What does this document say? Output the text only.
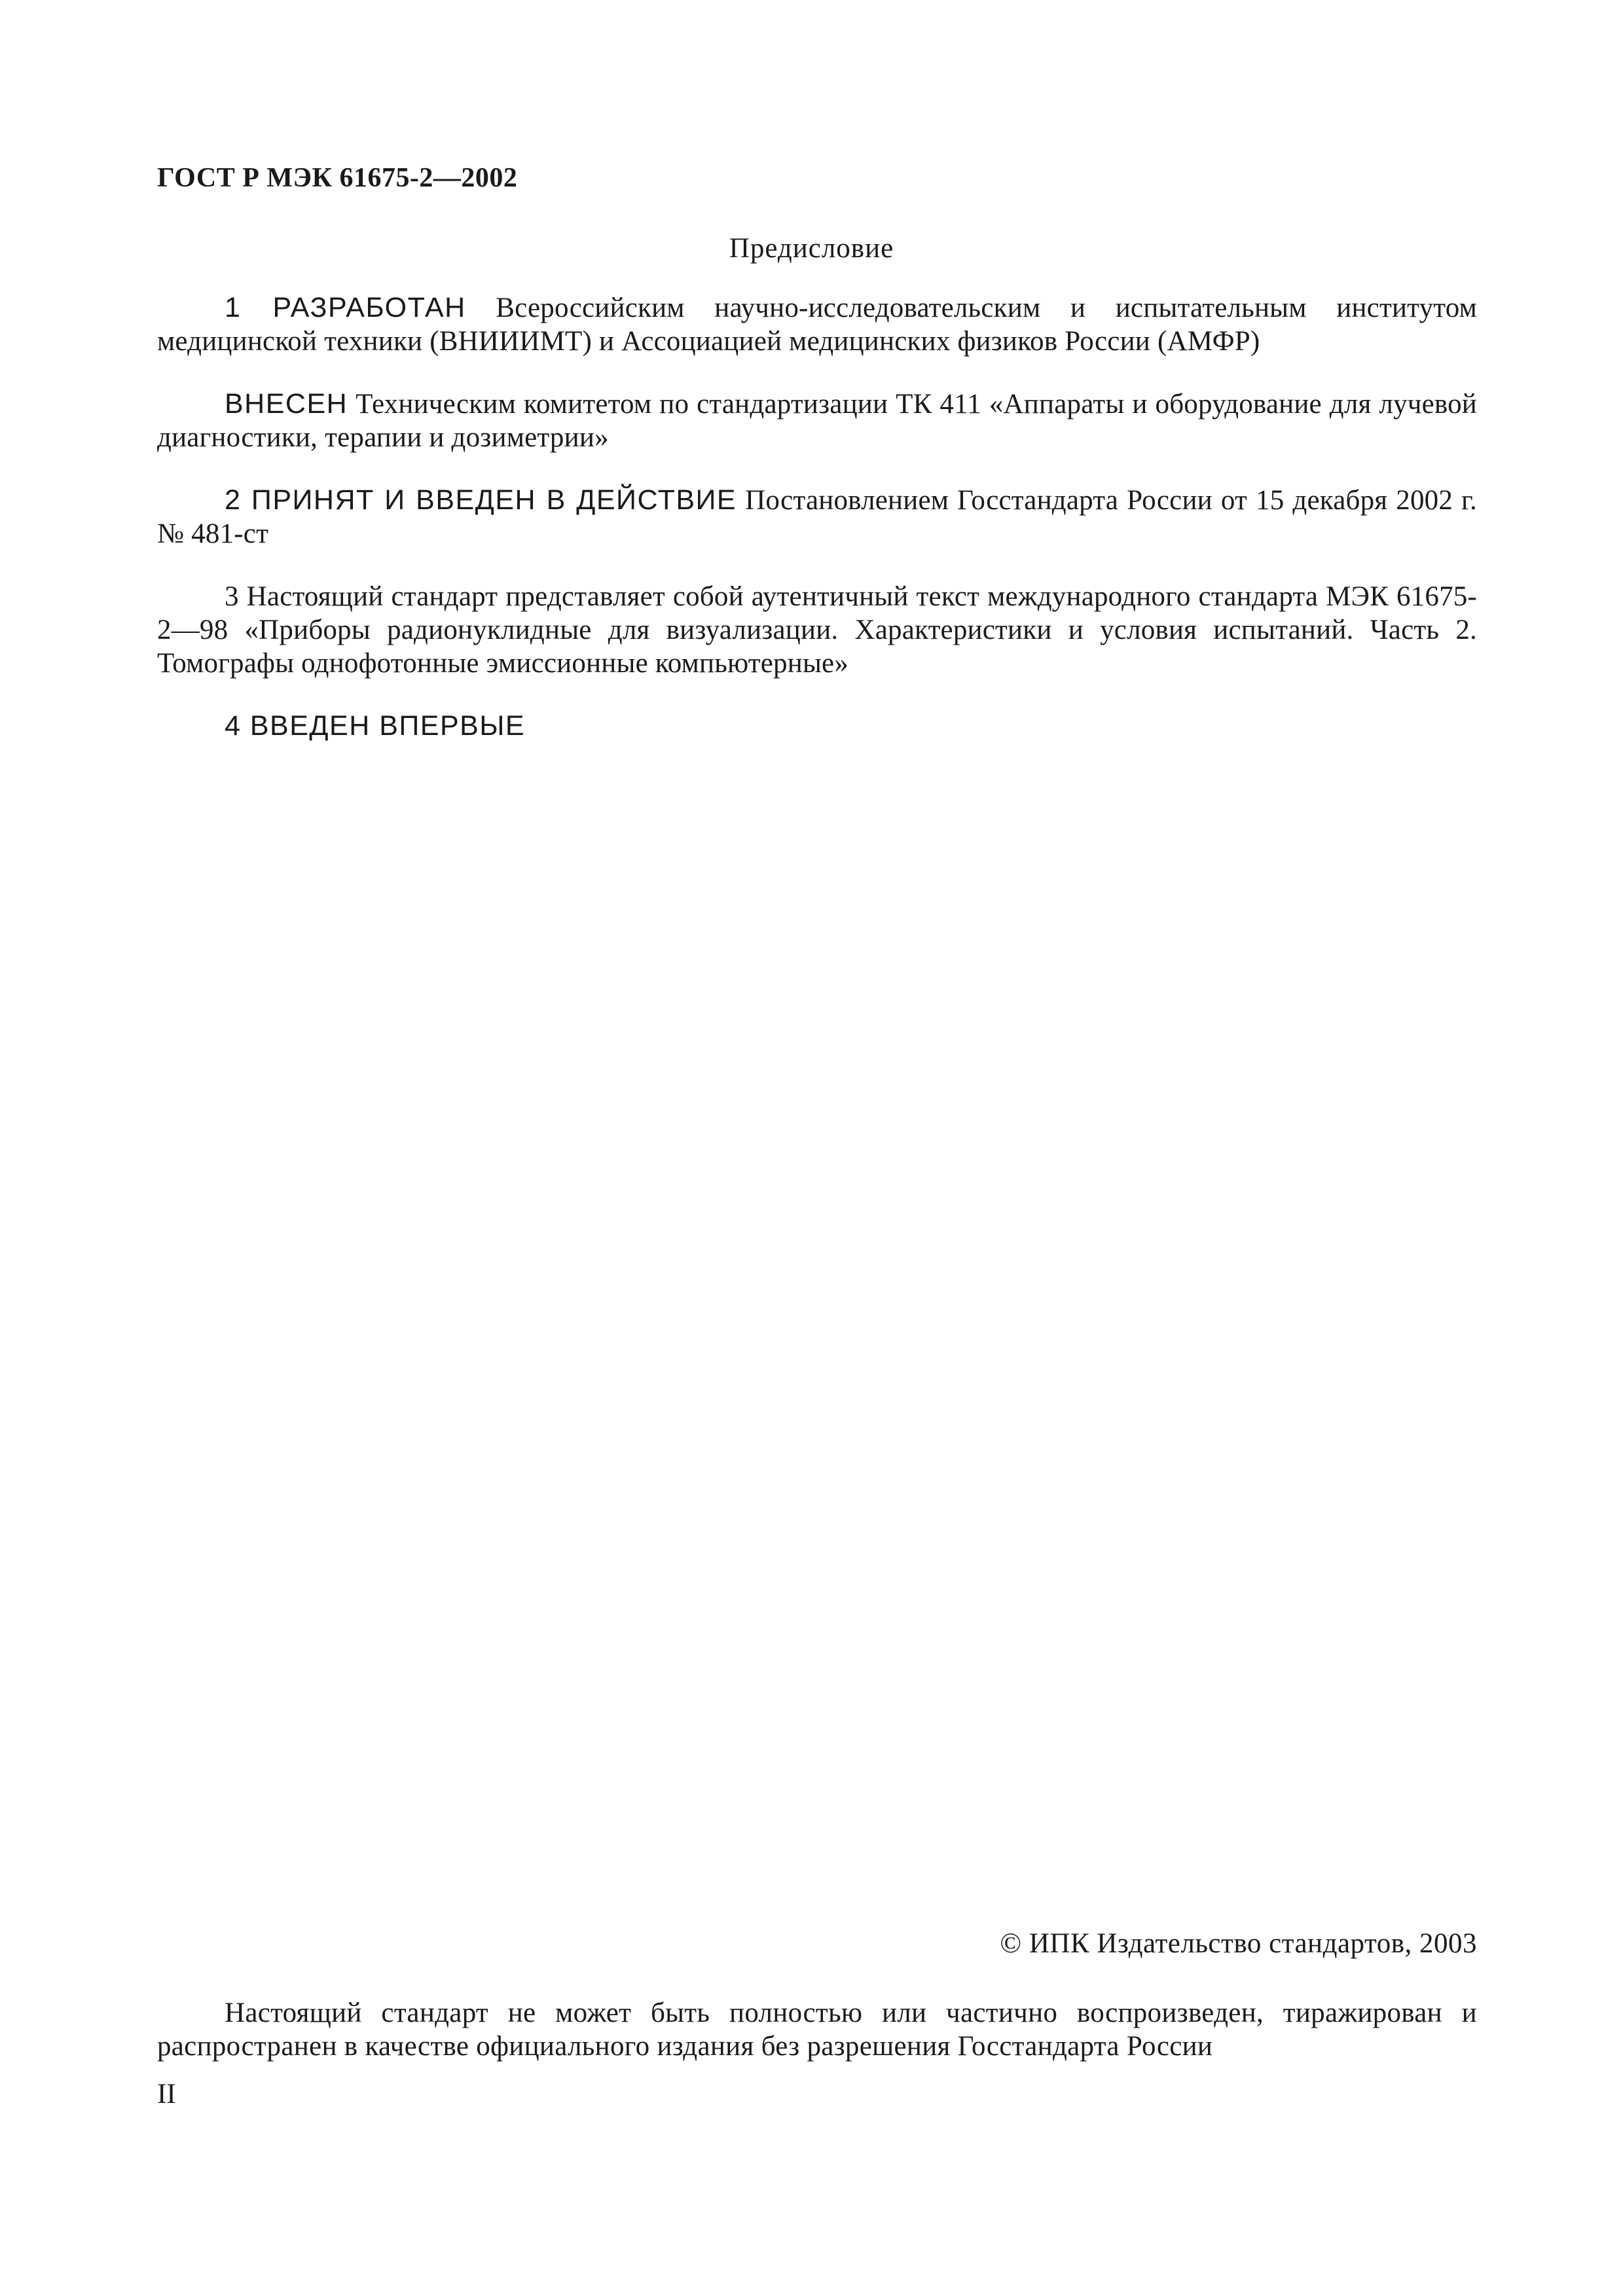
ГОСТ Р МЭК 61675-2—2002
Предисловие

1 РАЗРАБОТАН Всероссийским научно-исследовательским и испытательным институтом медицинской техники (ВНИИИМТ) и Ассоциацией медицинских физиков России (АМФР)

ВНЕСЕН Техническим комитетом по стандартизации ТК 411 «Аппараты и оборудование для лучевой диагностики, терапии и дозиметрии»

2 ПРИНЯТ И ВВЕДЕН В ДЕЙСТВИЕ Постановлением Госстандарта России от 15 декабря 2002 г. № 481-ст

3 Настоящий стандарт представляет собой аутентичный текст международного стандарта МЭК 61675-2—98 «Приборы радионуклидные для визуализации. Характеристики и условия испытаний. Часть 2. Томографы однофотонные эмиссионные компьютерные»

4 ВВЕДЕН ВПЕРВЫЕ

© ИПК Издательство стандартов, 2003

Настоящий стандарт не может быть полностью или частично воспроизведен, тиражирован и распространен в качестве официального издания без разрешения Госстандарта России

II
